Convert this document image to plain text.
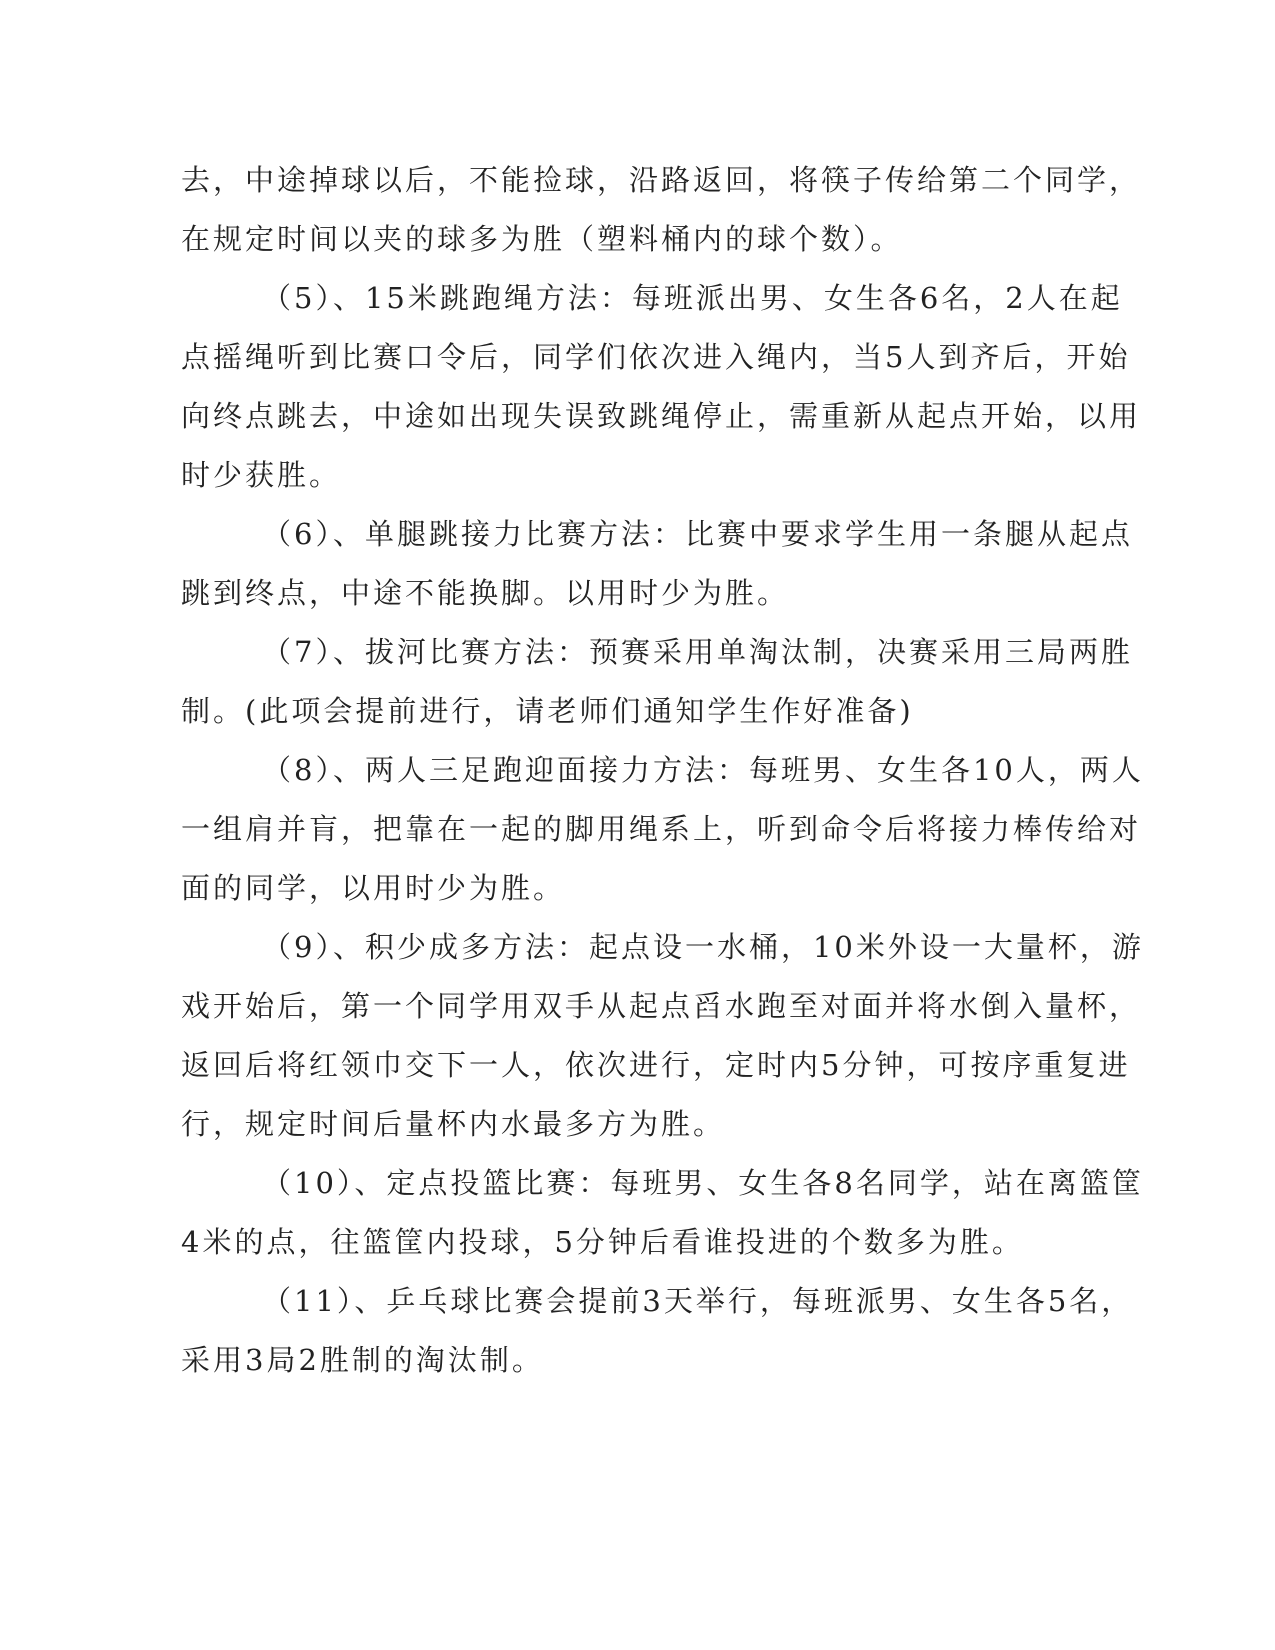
去，中途掉球以后，不能捡球，沿路返回，将筷子传给第二个同学，
在规定时间以夹的球多为胜（塑料桶内的球个数）。
（5）、15米跳跑绳方法：每班派出男、女生各6名，2人在起
点摇绳听到比赛口令后，同学们依次进入绳内，当5人到齐后，开始
向终点跳去，中途如出现失误致跳绳停止，需重新从起点开始，以用
时少获胜。
（6）、单腿跳接力比赛方法：比赛中要求学生用一条腿从起点
跳到终点，中途不能换脚。以用时少为胜。
（7）、拔河比赛方法：预赛采用单淘汰制，决赛采用三局两胜
制。(此项会提前进行，请老师们通知学生作好准备)
（8）、两人三足跑迎面接力方法：每班男、女生各10人，两人
一组肩并肓，把靠在一起的脚用绳系上，听到命令后将接力棒传给对
面的同学，以用时少为胜。
（9）、积少成多方法：起点设一水桶，10米外设一大量杯，游
戏开始后，第一个同学用双手从起点舀水跑至对面并将水倒入量杯，
返回后将红领巾交下一人，依次进行，定时内5分钟，可按序重复进
行，规定时间后量杯内水最多方为胜。
（10）、定点投篮比赛：每班男、女生各8名同学，站在离篮筐
4米的点，往篮筐内投球，5分钟后看谁投进的个数多为胜。
（11）、乒乓球比赛会提前3天举行，每班派男、女生各5名，
采用3局2胜制的淘汰制。
